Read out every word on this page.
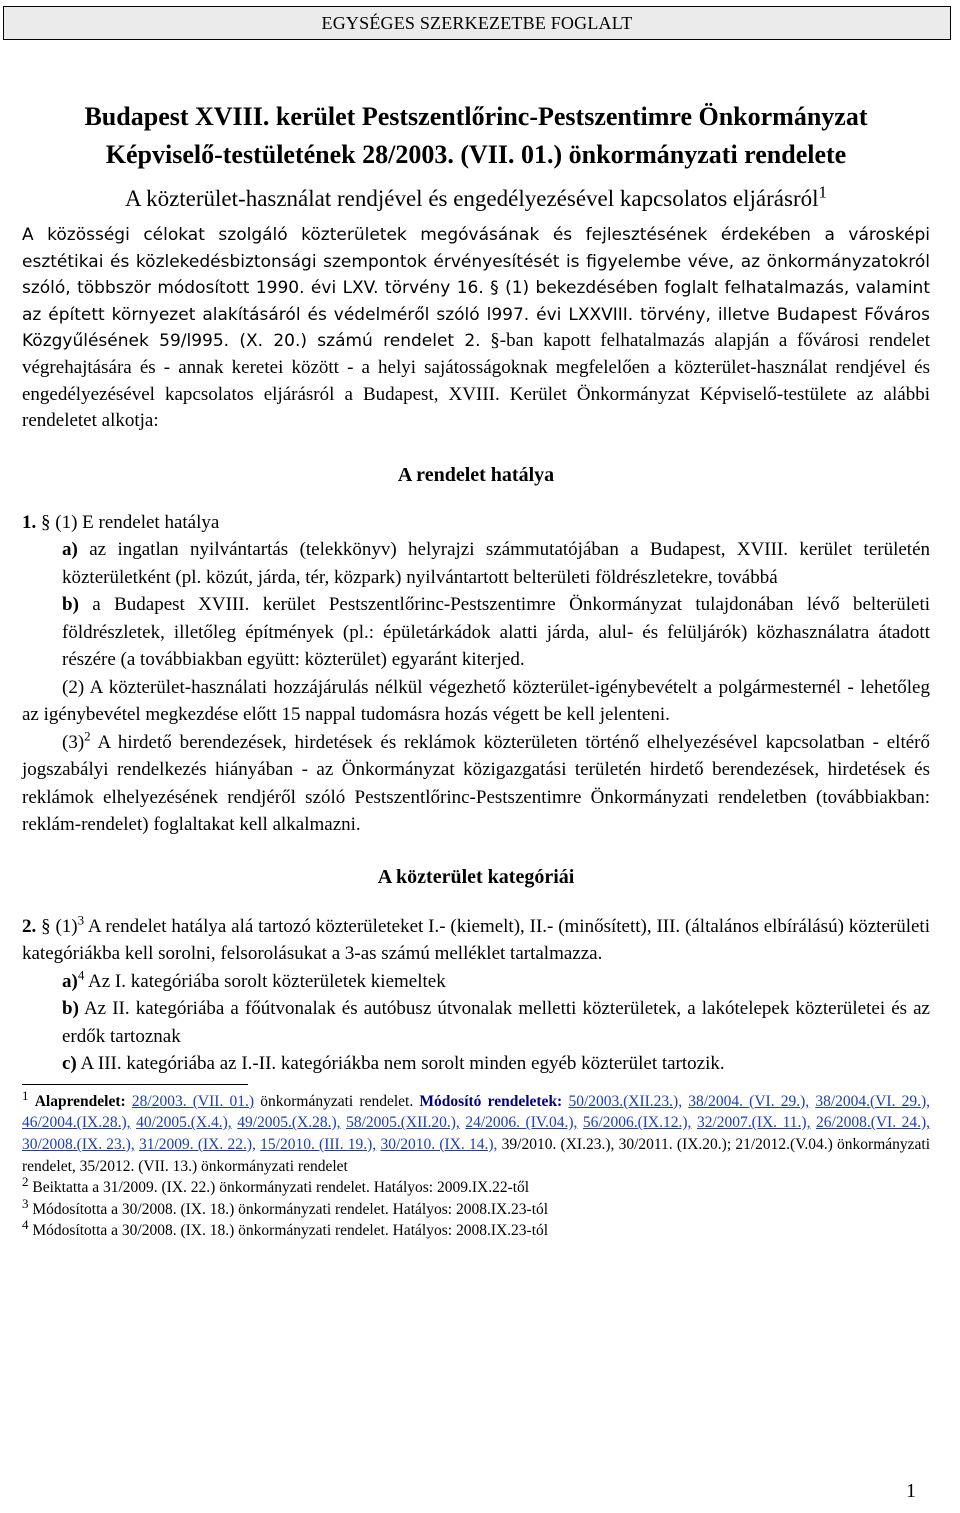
EGYSÉGES SZERKEZETBE FOGLALT
Budapest XVIII. kerület Pestszentlőrinc-Pestszentimre Önkormányzat
Képviselő-testületének 28/2003. (VII. 01.) önkormányzati rendelete
A közterület-használat rendjével és engedélyezésével kapcsolatos eljárásról$^1$
A közösségi célokat szolgáló közterületek megóvásának és fejlesztésének érdekében a városképi esztétikai és közlekedésbiztonsági szempontok érvényesítését is figyelembe véve, az önkormányzatokról szóló, többször módosított 1990. évi LXV. törvény 16. § (1) bekezdésében foglalt felhatalmazás, valamint az épített környezet alakításáról és védelméről szóló l997. évi LXXVIII. törvény, illetve Budapest Főváros Közgyűlésének 59/l995. (X. 20.) számú rendelet 2. §-ban kapott felhatalmazás alapján a fővárosi rendelet végrehajtására és - annak keretei között - a helyi sajátosságoknak megfelelően a közterület-használat rendjével és engedélyezésével kapcsolatos eljárásról a Budapest, XVIII. Kerület Önkormányzat Képviselő-testülete az alábbi rendeletet alkotja:
A rendelet hatálya
1. § (1) E rendelet hatálya
a) az ingatlan nyilvántartás (telekkönyv) helyrajzi számmutatójában a Budapest, XVIII. kerület területén közterületként (pl. közút, járda, tér, közpark) nyilvántartott belterületi földrészletekre, továbbá
b) a Budapest XVIII. kerület Pestszentlőrinc-Pestszentimre Önkormányzat tulajdonában lévő belterületi földrészletek, illetőleg építmények (pl.: épületárkádok alatti járda, alul- és felüljárók) közhasználatra átadott részére (a továbbiakban együtt: közterület) egyaránt kiterjed.
(2) A közterület-használati hozzájárulás nélkül végezhető közterület-igénybevételt a polgármesternél - lehetőleg az igénybevétel megkezdése előtt 15 nappal tudomásra hozás végett be kell jelenteni.
$(3)^2$ A hirdető berendezések, hirdetések és reklámok közterületen történő elhelyezésével kapcsolatban - eltérő jogszabályi rendelkezés hiányában - az Önkormányzat közigazgatási területén hirdető berendezések, hirdetések és reklámok elhelyezésének rendjéről szóló Pestszentlőrinc-Pestszentimre Önkormányzati rendeletben (továbbiakban: reklám-rendelet) foglaltakat kell alkalmazni.
A közterület kategóriái
2. § $(1)^3$ A rendelet hatálya alá tartozó közterületeket I.- (kiemelt), II.- (minősített), III. (általános elbírálású) közterületi kategóriákba kell sorolni, felsorolásukat a 3-as számú melléklet tartalmazza.
a)$^4$ Az I. kategóriába sorolt közterületek kiemeltek
b) Az II. kategóriába a főútvonalak és autóbusz útvonalak melletti közterületek, a lakótelepek közterületei és az erdők tartoznak
c) A III. kategóriába az I.-II. kategóriákba nem sorolt minden egyéb közterület tartozik.
$^1$ Alaprendelet: 28/2003. (VII. 01.) önkormányzati rendelet. Módosító rendeletek: 50/2003.(XII.23.), 38/2004. (VI. 29.), 38/2004.(VI. 29.), 46/2004.(IX.28.), 40/2005.(X.4.), 49/2005.(X.28.), 58/2005.(XII.20.), 24/2006. (IV.04.), 56/2006.(IX.12.), 32/2007.(IX. 11.), 26/2008.(VI. 24.), 30/2008.(IX. 23.), 31/2009. (IX. 22.), 15/2010. (III. 19.), 30/2010. (IX. 14.), 39/2010. (XI.23.), 30/2011. (IX.20.); 21/2012.(V.04.) önkormányzati rendelet, 35/2012. (VII. 13.) önkormányzati rendelet
$^2$ Beiktatta a 31/2009. (IX. 22.) önkormányzati rendelet. Hatályos: 2009.IX.22-től
$^3$ Módosította a 30/2008. (IX. 18.) önkormányzati rendelet. Hatályos: 2008.IX.23-tól
$^4$ Módosította a 30/2008. (IX. 18.) önkormányzati rendelet. Hatályos: 2008.IX.23-tól
1
